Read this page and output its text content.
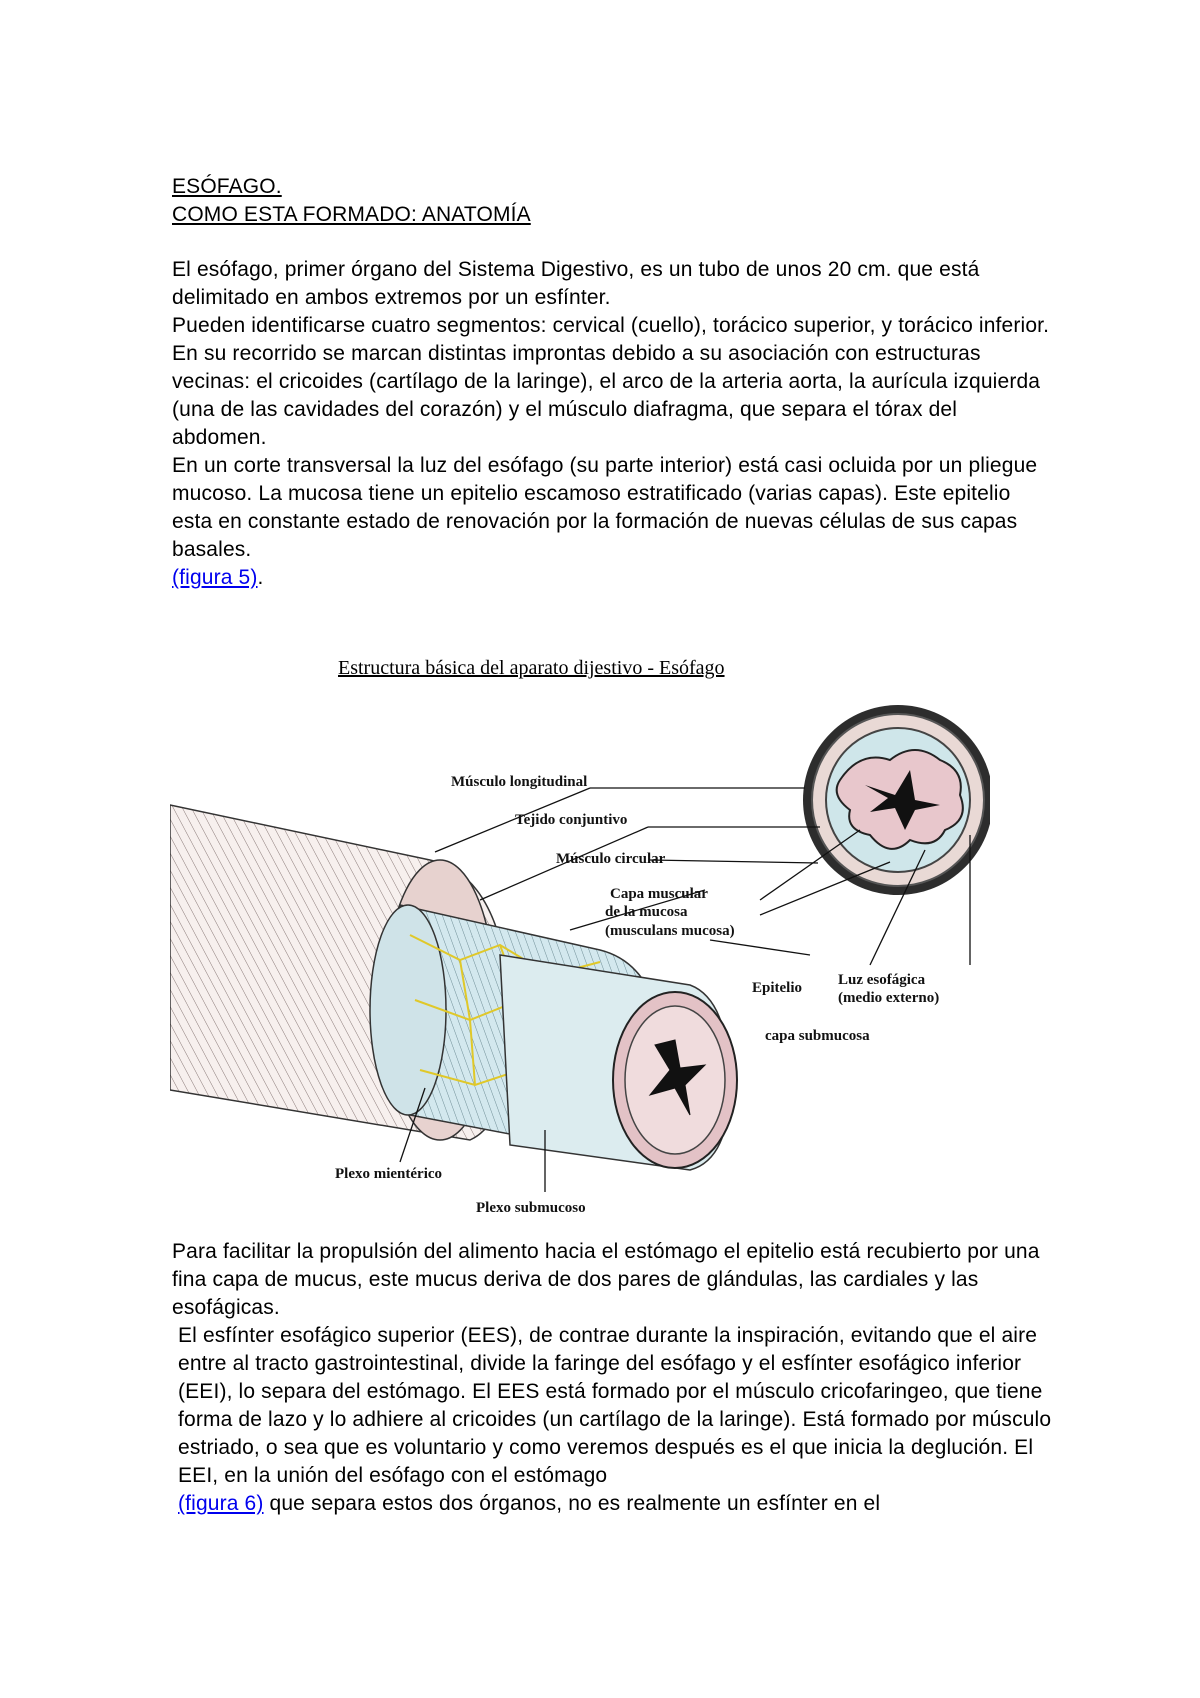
ESÓFAGO.

COMO ESTA FORMADO: ANATOMÍA

El esófago, primer órgano del Sistema Digestivo, es un tubo de unos 20 cm. que está delimitado en ambos extremos por un esfínter.

Pueden identificarse cuatro segmentos: cervical (cuello), torácico superior, y torácico inferior. En su recorrido se marcan distintas improntas debido a su asociación con estructuras vecinas: el cricoides (cartílago de la laringe), el arco de la arteria aorta, la aurícula izquierda (una de las cavidades del corazón) y el músculo diafragma, que separa el tórax del abdomen.

En un corte transversal la luz del esófago (su parte interior) está casi ocluida por un pliegue mucoso. La mucosa tiene un epitelio escamoso estratificado (varias capas). Este epitelio esta en constante estado de renovación por la formación de nuevas células de sus capas basales.
(figura 5).

Estructura básica del aparato dijestivo - Esófago
Músculo longitudinal
Tejido conjuntivo
Músculo circular
Capa muscular
de la mucosa
(musculans mucosa)
Epitelio Luz esofágica
(medio externo)
capa submucosa
Plexo mientérico
Plexo submucoso

Para facilitar la propulsión del alimento hacia el estómago el epitelio está recubierto por una fina capa de mucus, este mucus deriva de dos pares de glándulas, las cardiales y las esofágicas.

El esfínter esofágico superior (EES), de contrae durante la inspiración, evitando que el aire entre al tracto gastrointestinal, divide la faringe del esófago y el esfínter esofágico inferior (EEI), lo separa del estómago. El EES está formado por el músculo cricofaringeo, que tiene forma de lazo y lo adhiere al cricoides (un cartílago de la laringe). Está formado por músculo estriado, o sea que es voluntario y como veremos después es el que inicia la deglución. El EEI, en la unión del esófago con el estómago
(figura 6) que separa estos dos órganos, no es realmente un esfínter en el
